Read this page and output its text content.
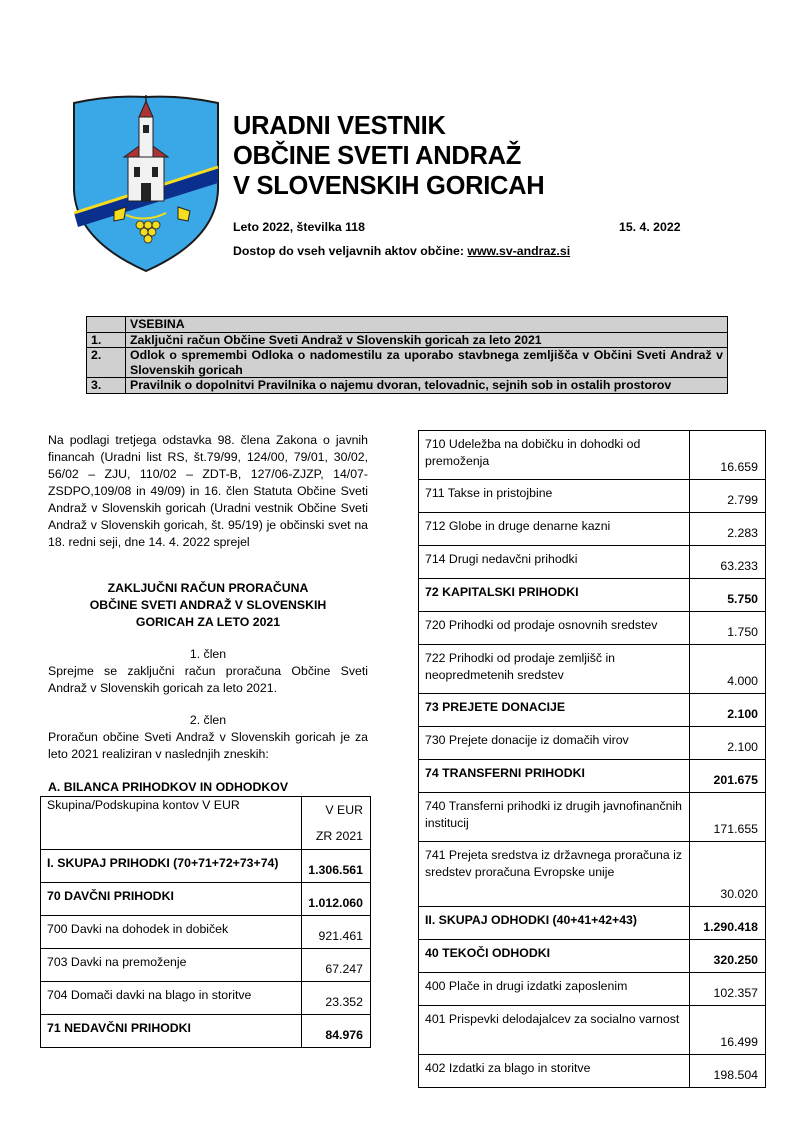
URADNI VESTNIK
OBČINE SVETI ANDRAŽ
V SLOVENSKIH GORICAH
Leto 2022, številka 118	15. 4. 2022
Dostop do vseh veljavnih aktov občine: www.sv-andraz.si
	VSEBINA
1.	Zaključni račun Občine Sveti Andraž v Slovenskih goricah za leto 2021
2.	Odlok o spremembi Odloka o nadomestilu za uporabo stavbnega zemljišča v Občini Sveti Andraž v Slovenskih goricah
3.	Pravilnik o dopolnitvi Pravilnika o najemu dvoran, telovadnic, sejnih sob in ostalih prostorov
Na podlagi tretjega odstavka 98. člena Zakona o javnih financah (Uradni list RS, št.79/99, 124/00, 79/01, 30/02, 56/02 – ZJU, 110/02 – ZDT-B, 127/06-ZJZP, 14/07-ZSDPO,109/08 in 49/09) in 16. člen Statuta Občine Sveti Andraž v Slovenskih goricah (Uradni vestnik Občine Sveti Andraž v Slovenskih goricah, št. 95/19) je občinski svet na 18. redni seji, dne 14. 4. 2022 sprejel
ZAKLJUČNI RAČUN PRORAČUNA
OBČINE SVETI ANDRAŽ V SLOVENSKIH
GORICAH ZA LETO 2021
1. člen
Sprejme se zaključni račun proračuna Občine Sveti Andraž v Slovenskih goricah za leto 2021.
2. člen
Proračun občine Sveti Andraž v Slovenskih goricah je za leto 2021 realiziran v naslednjih zneskih:
A. BILANCA PRIHODKOV IN ODHODKOV
Skupina/Podskupina kontov V EUR	V EUR
ZR 2021

I. SKUPAJ PRIHODKI (70+71+72+73+74)	1.306.561
70 DAVČNI PRIHODKI	1.012.060
700 Davki na dohodek in dobiček	921.461
703 Davki na premoženje	67.247
704 Domači davki na blago in storitve	23.352
71 NEDAVČNI PRIHODKI	84.976
710 Udeležba na dobičku in dohodki od premoženja	16.659
711 Takse in pristojbine	2.799
712 Globe in druge denarne kazni	2.283
714 Drugi nedavčni prihodki	63.233
72 KAPITALSKI PRIHODKI	5.750
720 Prihodki od prodaje osnovnih sredstev	1.750
722 Prihodki od prodaje zemljišč in neopredmetenih sredstev	4.000
73 PREJETE DONACIJE	2.100
730 Prejete donacije iz domačih virov	2.100
74 TRANSFERNI PRIHODKI	201.675
740 Transferni prihodki iz drugih javnofinančnih institucij	171.655
741 Prejeta sredstva iz državnega proračuna iz sredstev proračuna Evropske unije	30.020
II. SKUPAJ ODHODKI (40+41+42+43)	1.290.418
40 TEKOČI ODHODKI	320.250
400 Plače in drugi izdatki zaposlenim	102.357
401 Prispevki delodajalcev za socialno varnost	16.499
402 Izdatki za blago in storitve	198.504
